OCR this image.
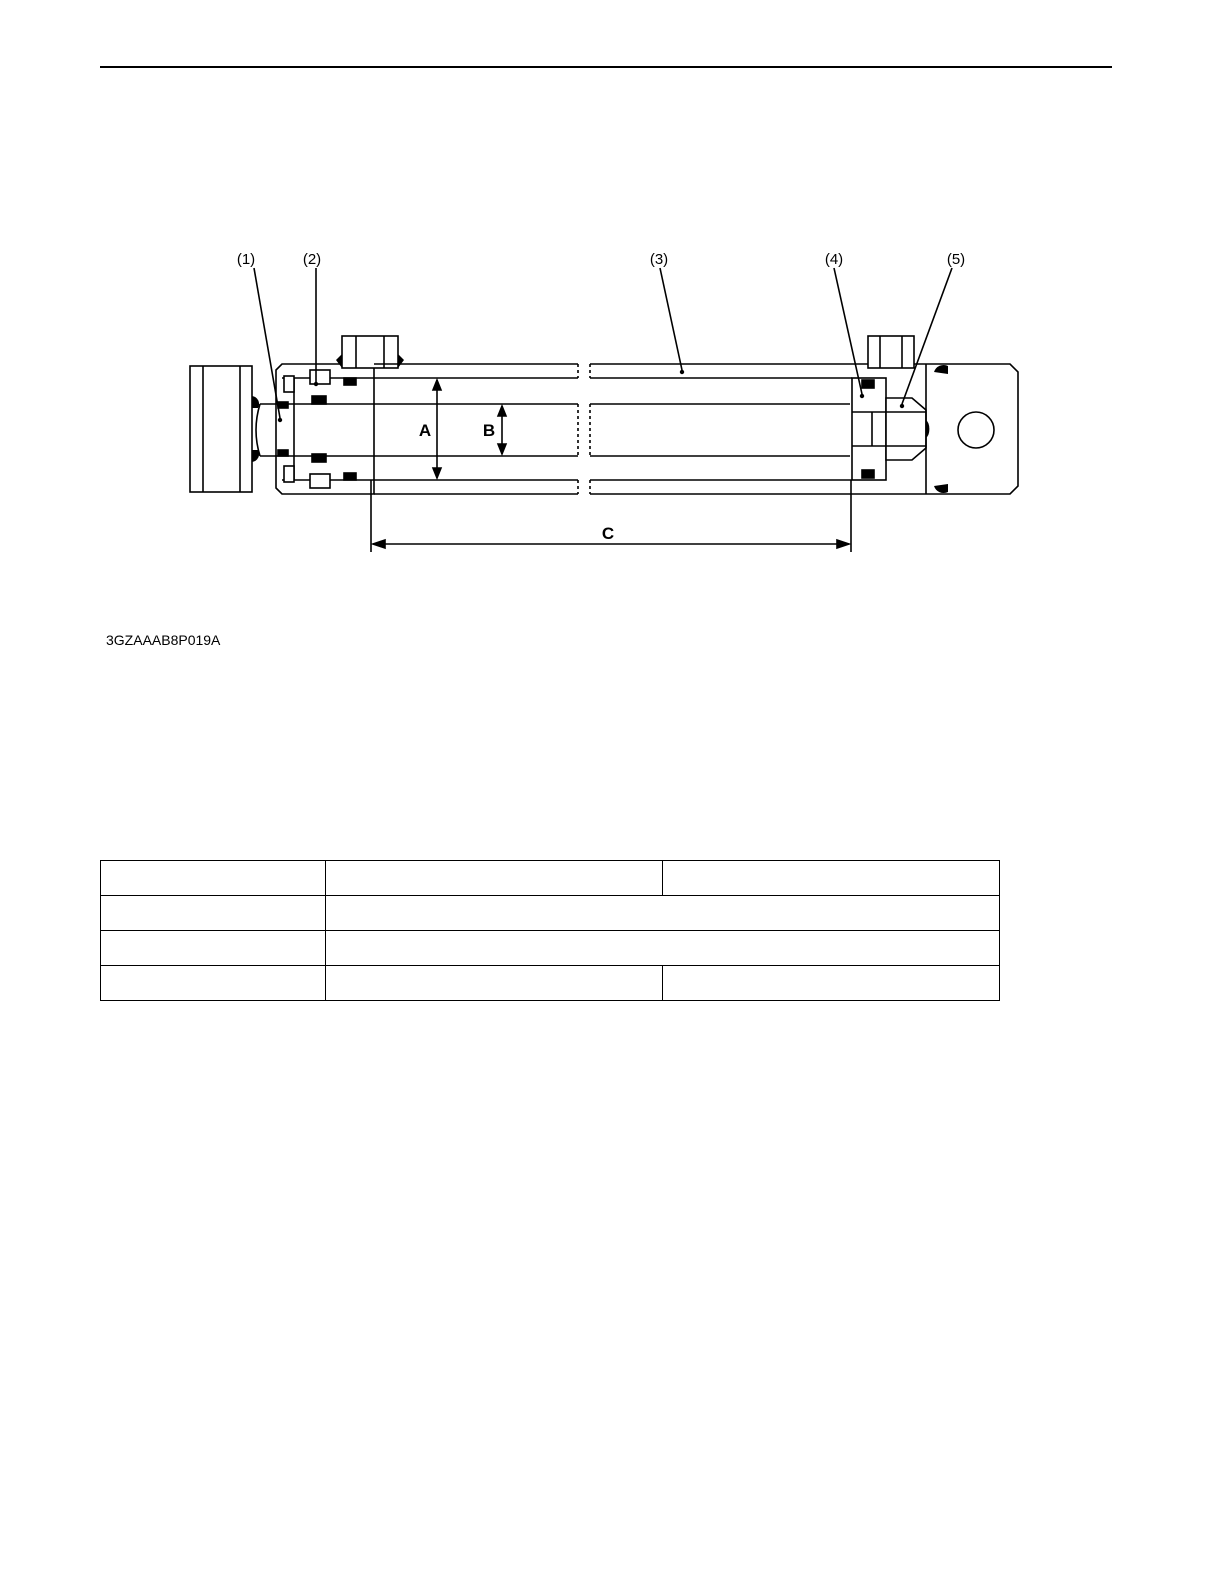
(1)	(2)	(3)	(4)	(5)
A	B
C
3GZAAAB8P019A
